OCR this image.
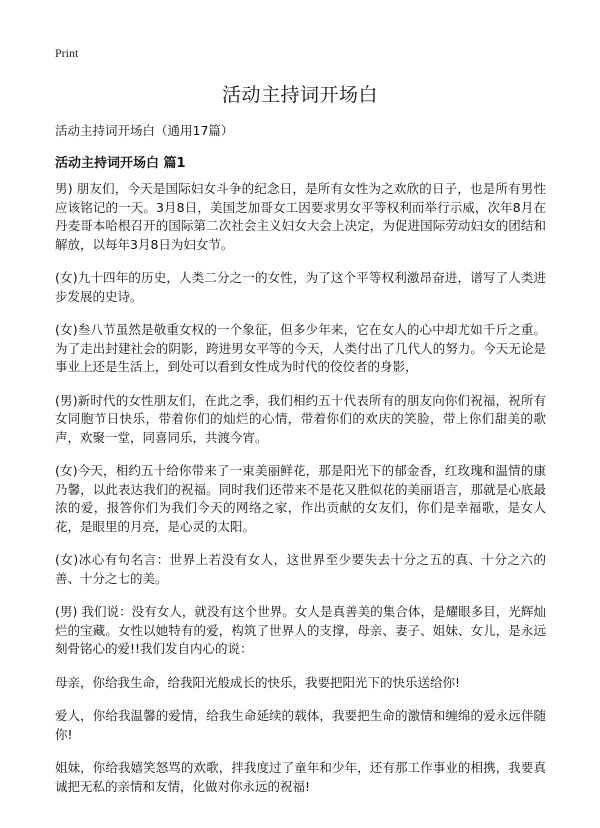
Print
活动主持词开场白

活动主持词开场白（通用17篇）

活动主持词开场白 篇1

男) 朋友们，今天是国际妇女斗争的纪念日，是所有女性为之欢欣的日子，也是所有男性应该铭记的一天。3月8日，美国芝加哥女工因要求男女平等权利而举行示威，次年8月在丹麦哥本哈根召开的国际第二次社会主义妇女大会上决定，为促进国际劳动妇女的团结和解放，以每年3月8日为妇女节。

(女)九十四年的历史，人类二分之一的女性，为了这个平等权利激昂奋进，谱写了人类进步发展的史诗。

(女)叁八节虽然是敬重女权的一个象征，但多少年来，它在女人的心中却尤如千斤之重。为了走出封建社会的阴影，跨进男女平等的今天，人类付出了几代人的努力。今天无论是事业上还是生活上，到处可以看到女性成为时代的佼佼者的身影，

(男)新时代的女性朋友们，在此之季，我们相约五十代表所有的朋友向你们祝福，祝所有女同胞节日快乐，带着你们的灿烂的心情，带着你们的欢庆的笑脸，带上你们甜美的歌声，欢聚一堂，同喜同乐，共渡今宵。

(女)今天，相约五十给你带来了一束美丽鲜花，那是阳光下的郁金香，红玫瑰和温情的康乃馨，以此表达我们的祝福。同时我们还带来不是花又胜似花的美丽语言，那就是心底最浓的爱，报答你们为我们今天的网络之家，作出贡献的女友们，你们是幸福歌，是女人花，是眼里的月亮，是心灵的太阳。

(女)冰心有句名言：世界上若没有女人，这世界至少要失去十分之五的真、十分之六的善、十分之七的美。

(男) 我们说：没有女人，就没有这个世界。女人是真善美的集合体，是耀眼多目，光辉灿烂的宝藏。女性以她特有的爱，构筑了世界人的支撑，母亲、妻子、姐妹、女儿，是永远刻骨铭心的爱!!我们发自内心的说：

母亲，你给我生命，给我阳光般成长的快乐，我要把阳光下的快乐送给你!

爱人，你给我温馨的爱情，给我生命延续的载体，我要把生命的激情和缠绵的爱永远伴随 你!

姐妹，你给我嬉笑怒骂的欢歌，拌我度过了童年和少年，还有那工作事业的相携，我要真诚把无私的亲情和友情，化做对你永远的祝福!
